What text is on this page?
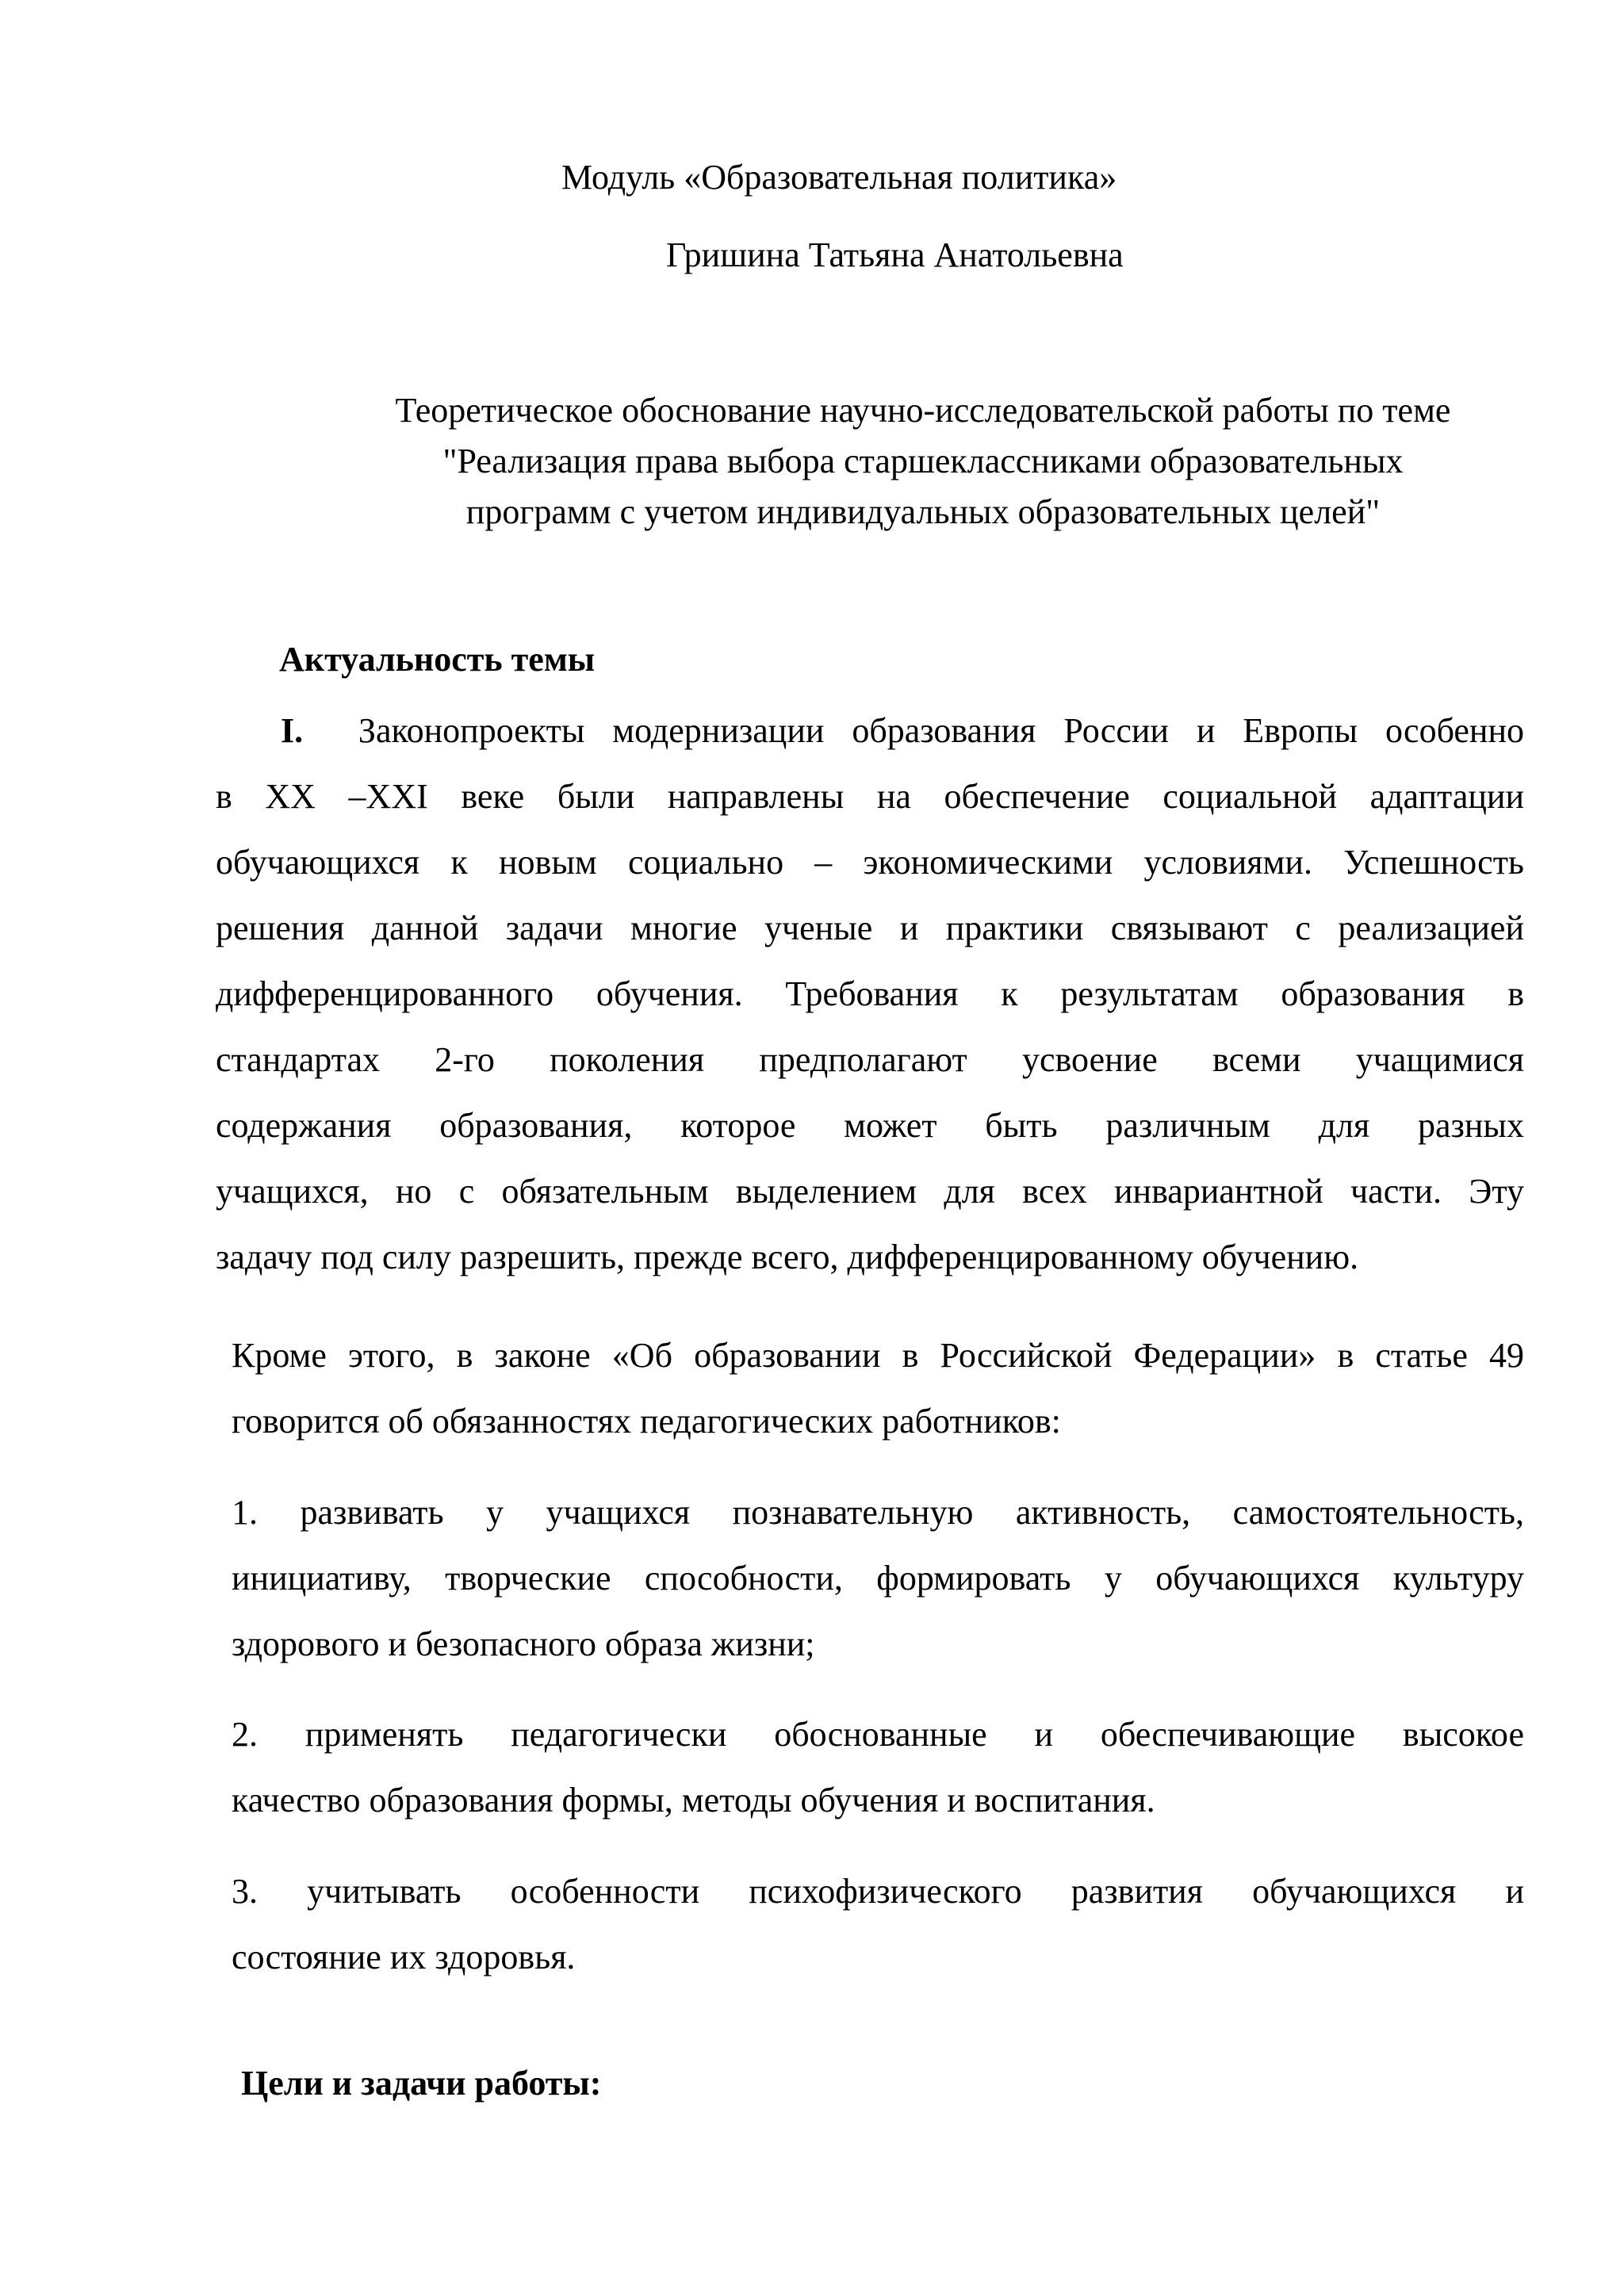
Модуль «Образовательная политика»
Гришина Татьяна Анатольевна
Теоретическое обоснование научно-исследовательской работы по теме
"Реализация права выбора старшеклассниками образовательных
программ с учетом индивидуальных образовательных целей"
Актуальность темы
I. Законопроекты модернизации образования России и Европы особенно
в XX –XXI веке были направлены на обеспечение социальной адаптации
обучающихся к новым социально – экономическими условиями. Успешность
решения данной задачи многие ученые и практики связывают с реализацией
дифференцированного обучения. Требования к результатам образования в
стандартах 2-го поколения предполагают усвоение всеми учащимися
содержания образования, которое может быть различным для разных
учащихся, но с обязательным выделением для всех инвариантной части. Эту
задачу под силу разрешить, прежде всего, дифференцированному обучению.
Кроме этого, в законе «Об образовании в Российской Федерации» в статье 49
говорится об обязанностях педагогических работников:
1. развивать у учащихся познавательную активность, самостоятельность,
инициативу, творческие способности, формировать у обучающихся культуру
здорового и безопасного образа жизни;
2. применять педагогически обоснованные и обеспечивающие высокое
качество образования формы, методы обучения и воспитания.
3. учитывать особенности психофизического развития обучающихся и
состояние их здоровья.
Цели и задачи работы:
